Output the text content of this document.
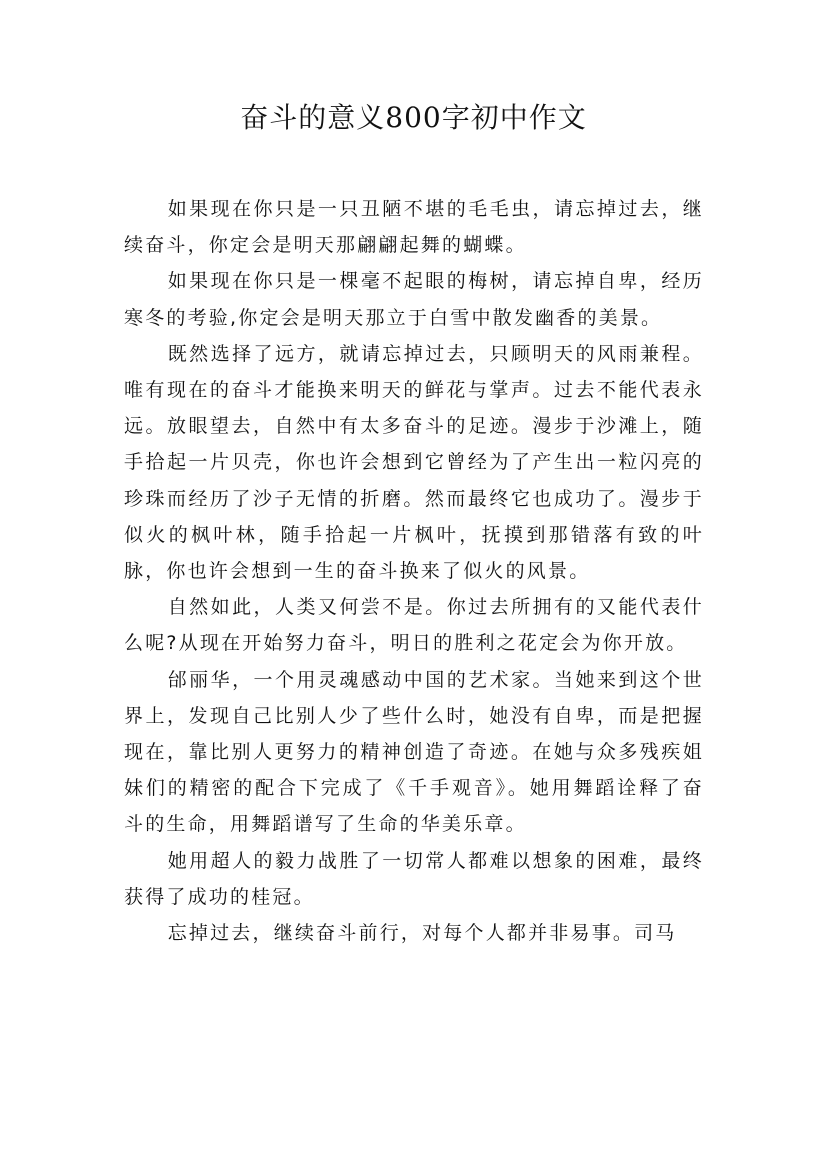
奋斗的意义800字初中作文

如果现在你只是一只丑陋不堪的毛毛虫，请忘掉过去，继续奋斗，你定会是明天那翩翩起舞的蝴蝶。

如果现在你只是一棵毫不起眼的梅树，请忘掉自卑，经历寒冬的考验,你定会是明天那立于白雪中散发幽香的美景。

既然选择了远方，就请忘掉过去，只顾明天的风雨兼程。唯有现在的奋斗才能换来明天的鲜花与掌声。过去不能代表永远。放眼望去，自然中有太多奋斗的足迹。漫步于沙滩上，随手拾起一片贝壳，你也许会想到它曾经为了产生出一粒闪亮的珍珠而经历了沙子无情的折磨。然而最终它也成功了。漫步于似火的枫叶林，随手拾起一片枫叶，抚摸到那错落有致的叶脉，你也许会想到一生的奋斗换来了似火的风景。

自然如此，人类又何尝不是。你过去所拥有的又能代表什么呢?从现在开始努力奋斗，明日的胜利之花定会为你开放。

邰丽华，一个用灵魂感动中国的艺术家。当她来到这个世界上，发现自己比别人少了些什么时，她没有自卑，而是把握现在，靠比别人更努力的精神创造了奇迹。在她与众多残疾姐妹们的精密的配合下完成了《千手观音》。她用舞蹈诠释了奋斗的生命，用舞蹈谱写了生命的华美乐章。

她用超人的毅力战胜了一切常人都难以想象的困难，最终获得了成功的桂冠。

忘掉过去，继续奋斗前行，对每个人都并非易事。司马
